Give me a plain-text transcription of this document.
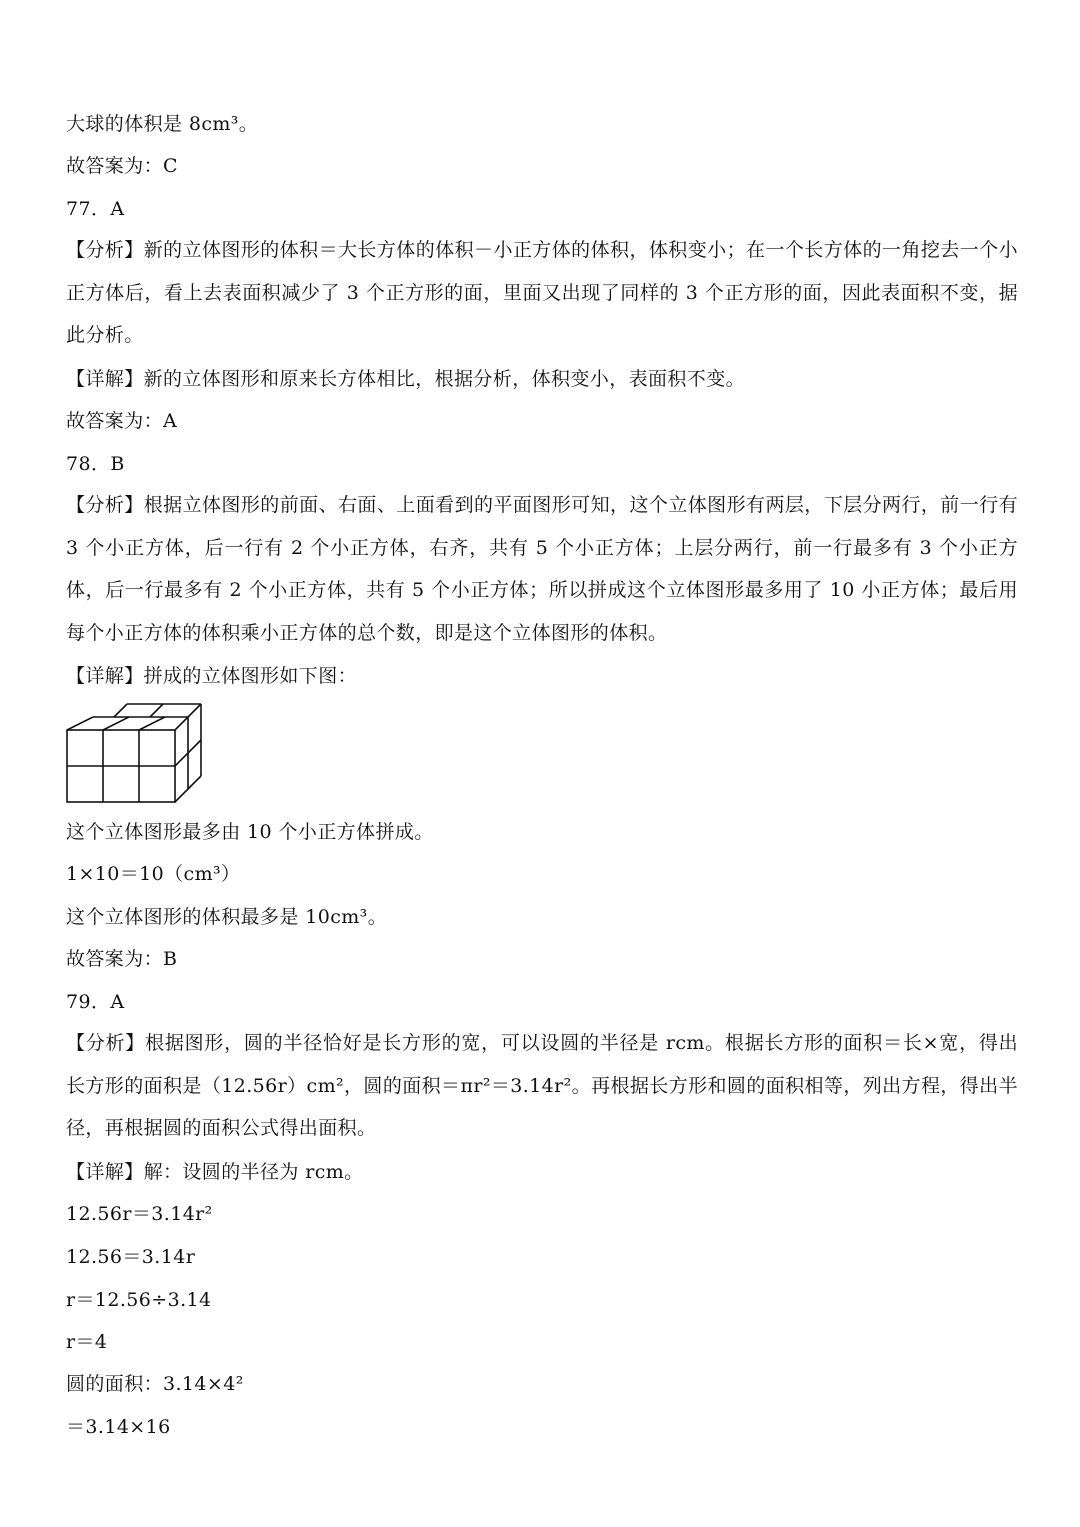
大球的体积是 8cm³。
故答案为：C
77．A
【分析】新的立体图形的体积＝大长方体的体积－小正方体的体积，体积变小；在一个长方体的一角挖去一个小正方体后，看上去表面积减少了 3 个正方形的面，里面又出现了同样的 3 个正方形的面，因此表面积不变，据此分析。
【详解】新的立体图形和原来长方体相比，根据分析，体积变小，表面积不变。
故答案为：A
78．B
【分析】根据立体图形的前面、右面、上面看到的平面图形可知，这个立体图形有两层，下层分两行，前一行有 3 个小正方体，后一行有 2 个小正方体，右齐，共有 5 个小正方体；上层分两行，前一行最多有 3 个小正方体，后一行最多有 2 个小正方体，共有 5 个小正方体；所以拼成这个立体图形最多用了 10 小正方体；最后用每个小正方体的体积乘小正方体的总个数，即是这个立体图形的体积。
【详解】拼成的立体图形如下图：
这个立体图形最多由 10 个小正方体拼成。
1×10＝10（cm³）
这个立体图形的体积最多是 10cm³。
故答案为：B
79．A
【分析】根据图形，圆的半径恰好是长方形的宽，可以设圆的半径是 rcm。根据长方形的面积＝长×宽，得出长方形的面积是（12.56r）cm²，圆的面积＝πr²＝3.14r²。再根据长方形和圆的面积相等，列出方程，得出半径，再根据圆的面积公式得出面积。
【详解】解：设圆的半径为 rcm。
12.56r＝3.14r²
12.56＝3.14r
r＝12.56÷3.14
r＝4
圆的面积：3.14×4²
＝3.14×16
